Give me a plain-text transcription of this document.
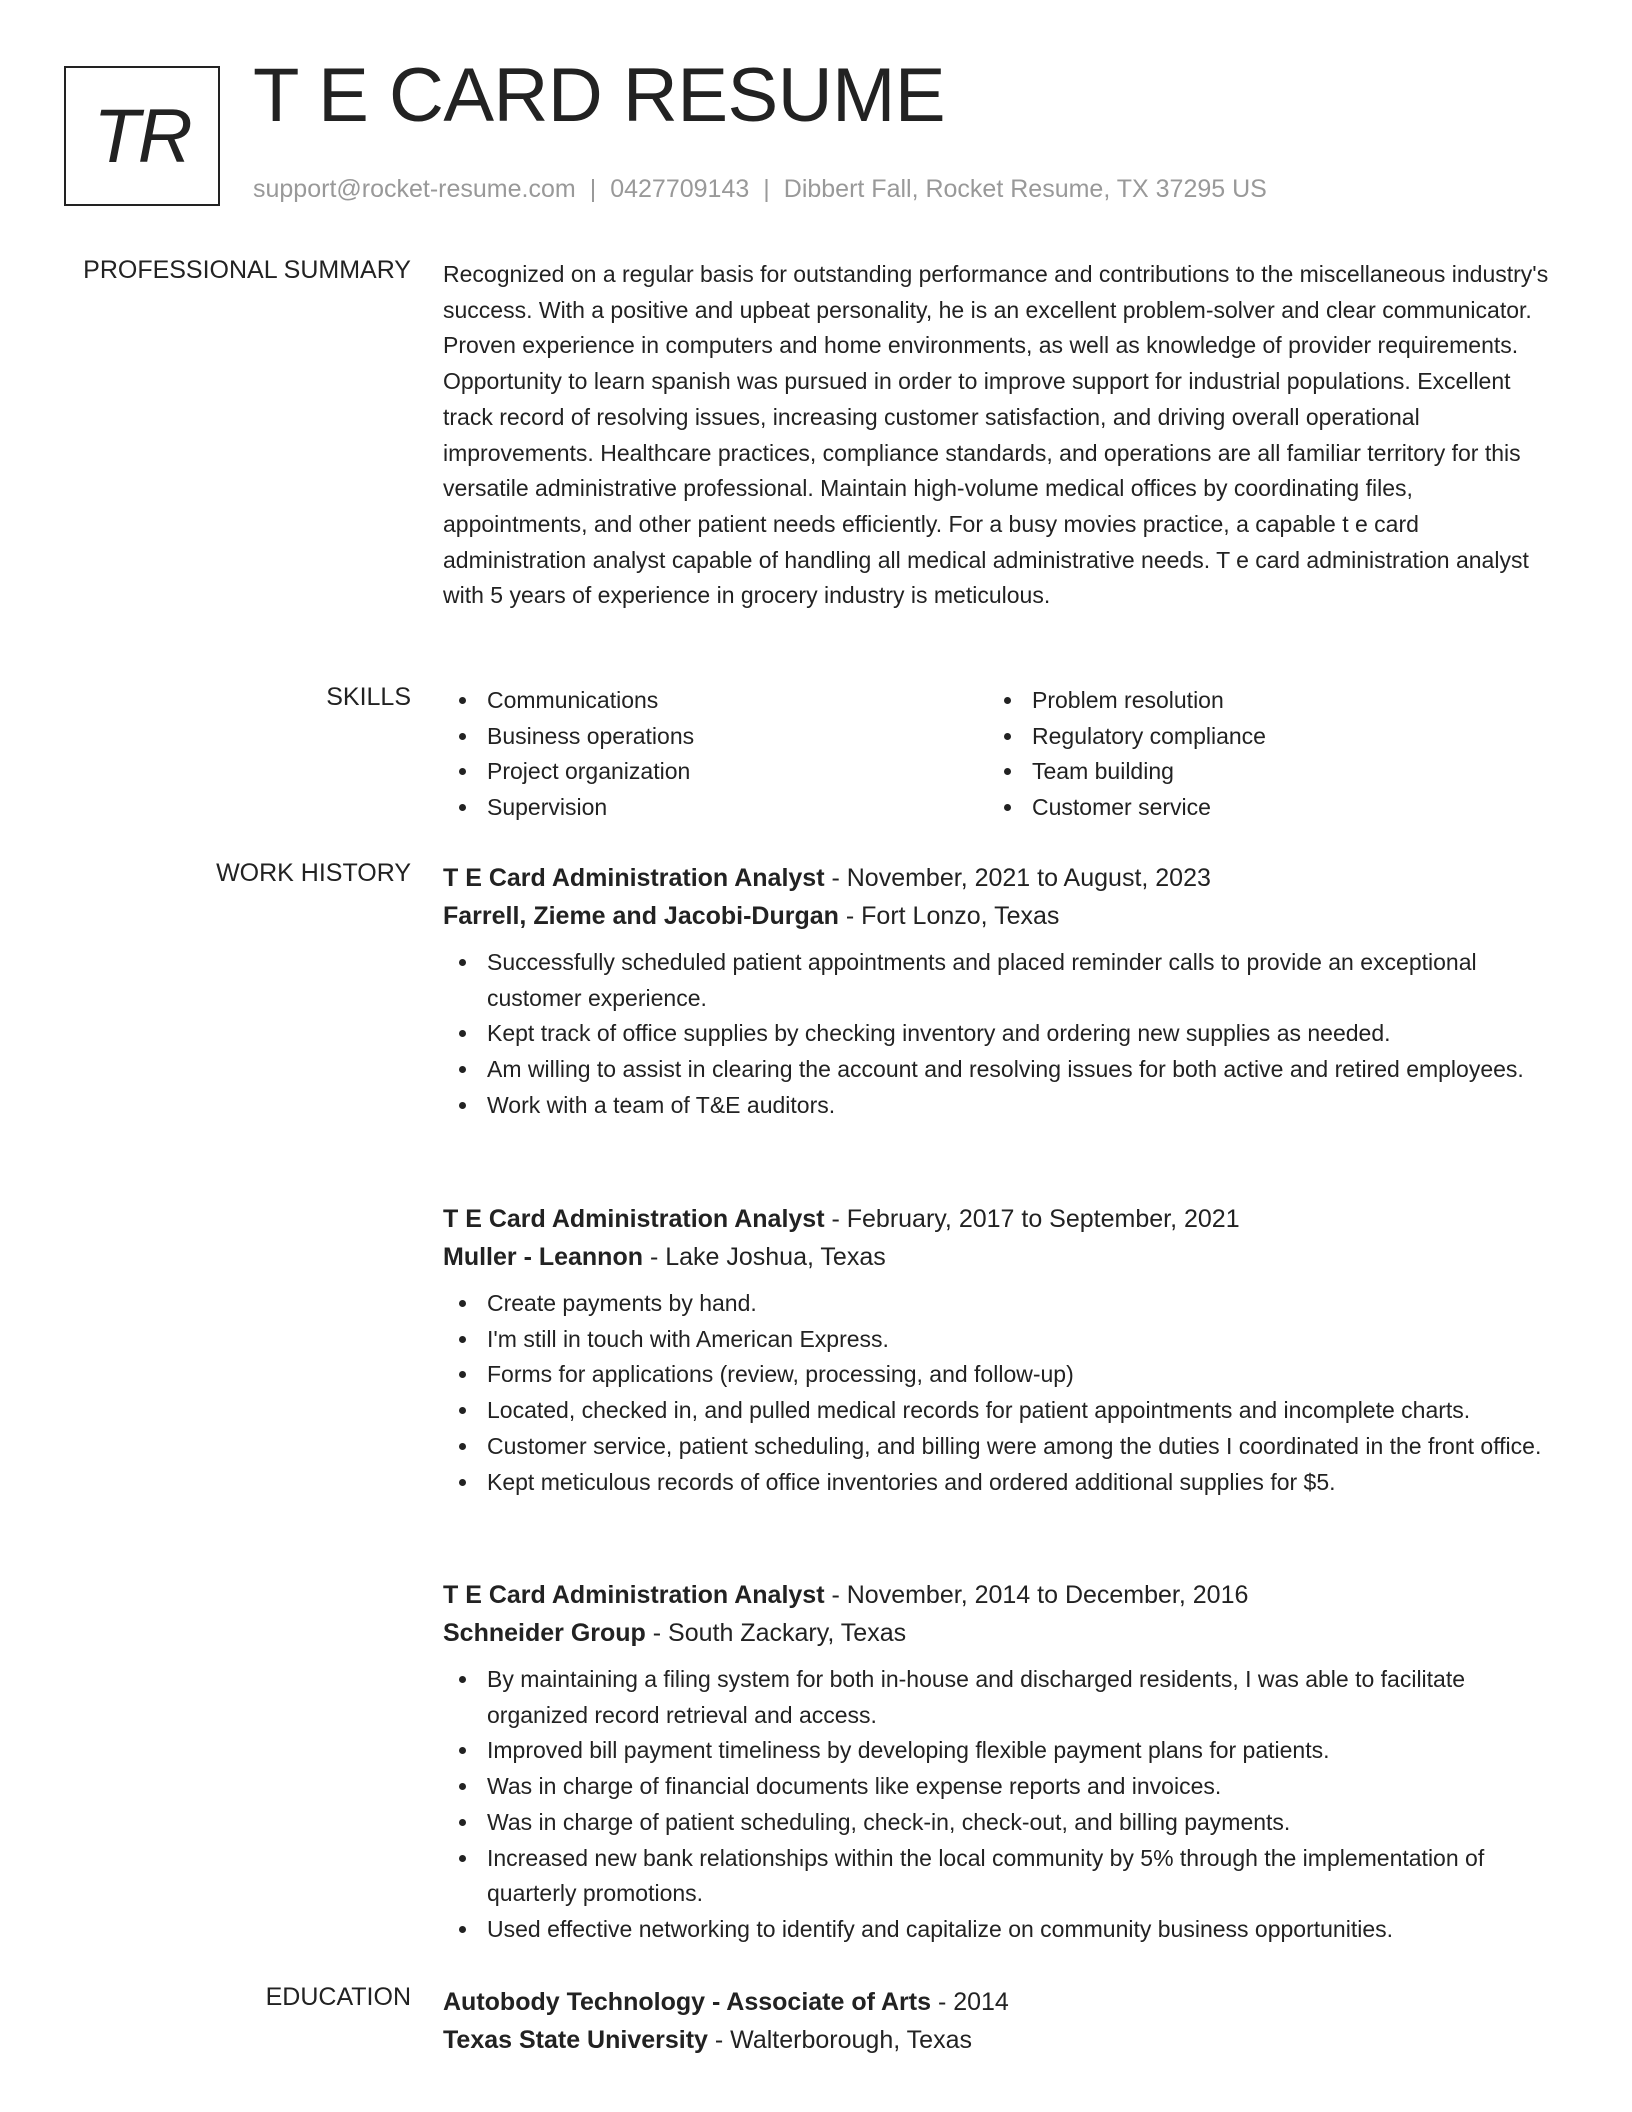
TR T E CARD RESUME
support@rocket-resume.com | 0427709143 | Dibbert Fall, Rocket Resume, TX 37295 US
PROFESSIONAL SUMMARY Recognized on a regular basis for outstanding performance and contributions to the miscellaneous industry's success. With a positive and upbeat personality, he is an excellent problem-solver and clear communicator. Proven experience in computers and home environments, as well as knowledge of provider requirements. Opportunity to learn spanish was pursued in order to improve support for industrial populations. Excellent track record of resolving issues, increasing customer satisfaction, and driving overall operational improvements. Healthcare practices, compliance standards, and operations are all familiar territory for this versatile administrative professional. Maintain high-volume medical offices by coordinating files, appointments, and other patient needs efficiently. For a busy movies practice, a capable t e card administration analyst capable of handling all medical administrative needs. T e card administration analyst with 5 years of experience in grocery industry is meticulous.

SKILLS	Communications
Business operations
Project organization
Supervision
Problem resolution
Regulatory compliance
Team building
Customer service
WORK HISTORY T E Card Administration Analyst - November, 2021 to August, 2023
Farrell, Zieme and Jacobi-Durgan - Fort Lonzo, Texas
Successfully scheduled patient appointments and placed reminder calls to provide an exceptional customer experience.
Kept track of office supplies by checking inventory and ordering new supplies as needed.
Am willing to assist in clearing the account and resolving issues for both active and retired employees.
Work with a team of T&E auditors.
T E Card Administration Analyst - February, 2017 to September, 2021
Muller - Leannon - Lake Joshua, Texas
Create payments by hand.
I'm still in touch with American Express.
Forms for applications (review, processing, and follow-up)
Located, checked in, and pulled medical records for patient appointments and incomplete charts.
Customer service, patient scheduling, and billing were among the duties I coordinated in the front office.
Kept meticulous records of office inventories and ordered additional supplies for $5.
T E Card Administration Analyst - November, 2014 to December, 2016
Schneider Group - South Zackary, Texas
By maintaining a filing system for both in-house and discharged residents, I was able to facilitate organized record retrieval and access.
Improved bill payment timeliness by developing flexible payment plans for patients.
Was in charge of financial documents like expense reports and invoices.
Was in charge of patient scheduling, check-in, check-out, and billing payments.
Increased new bank relationships within the local community by 5% through the implementation of quarterly promotions.
Used effective networking to identify and capitalize on community business opportunities.
EDUCATION Autobody Technology - Associate of Arts - 2014
Texas State University - Walterborough, Texas
